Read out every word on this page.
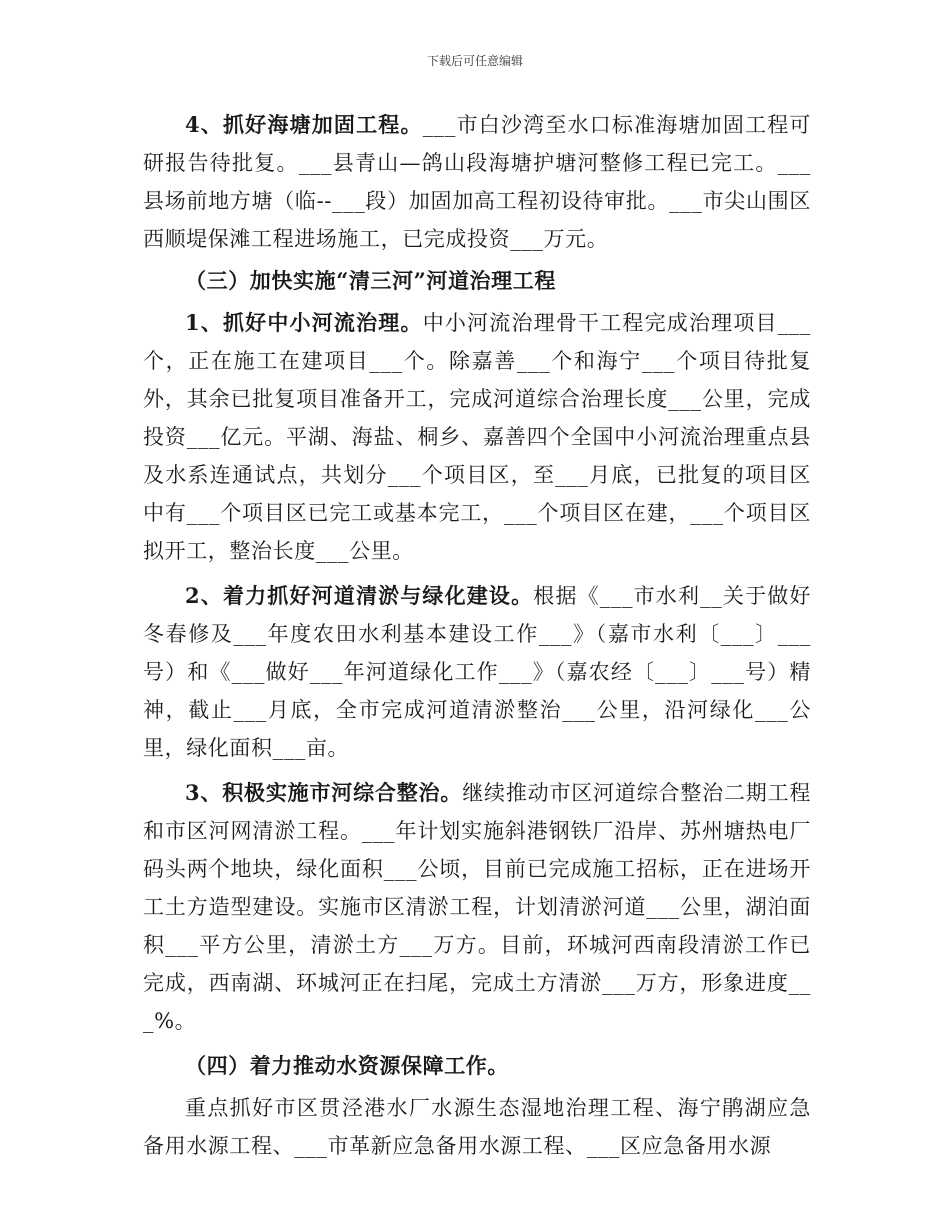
下载后可任意编辑

4、抓好海塘加固工程。___市白沙湾至水口标准海塘加固工程可研报告待批复。___县青山—鸽山段海塘护塘河整修工程已完工。___县场前地方塘（临--___段）加固加高工程初设待审批。___市尖山围区西顺堤保滩工程进场施工，已完成投资___万元。

（三）加快实施“清三河”河道治理工程

1、抓好中小河流治理。中小河流治理骨干工程完成治理项目___个，正在施工在建项目___个。除嘉善___个和海宁___个项目待批复外，其余已批复项目准备开工，完成河道综合治理长度___公里，完成投资___亿元。平湖、海盐、桐乡、嘉善四个全国中小河流治理重点县及水系连通试点，共划分___个项目区，至___月底，已批复的项目区中有___个项目区已完工或基本完工，___个项目区在建，___个项目区拟开工，整治长度___公里。

2、着力抓好河道清淤与绿化建设。根据《___市水利__关于做好冬春修及___年度农田水利基本建设工作___》（嘉市水利〔___〕___号）和《___做好___年河道绿化工作___》（嘉农经〔___〕___号）精神，截止___月底，全市完成河道清淤整治___公里，沿河绿化___公里，绿化面积___亩。

3、积极实施市河综合整治。继续推动市区河道综合整治二期工程和市区河网清淤工程。___年计划实施斜港钢铁厂沿岸、苏州塘热电厂码头两个地块，绿化面积___公顷，目前已完成施工招标，正在进场开工土方造型建设。实施市区清淤工程，计划清淤河道___公里，湖泊面积___平方公里，清淤土方___万方。目前，环城河西南段清淤工作已完成，西南湖、环城河正在扫尾，完成土方清淤___万方，形象进度___%。

（四）着力推动水资源保障工作。

重点抓好市区贯泾港水厂水源生态湿地治理工程、海宁鹃湖应急备用水源工程、___市革新应急备用水源工程、___区应急备用水源
